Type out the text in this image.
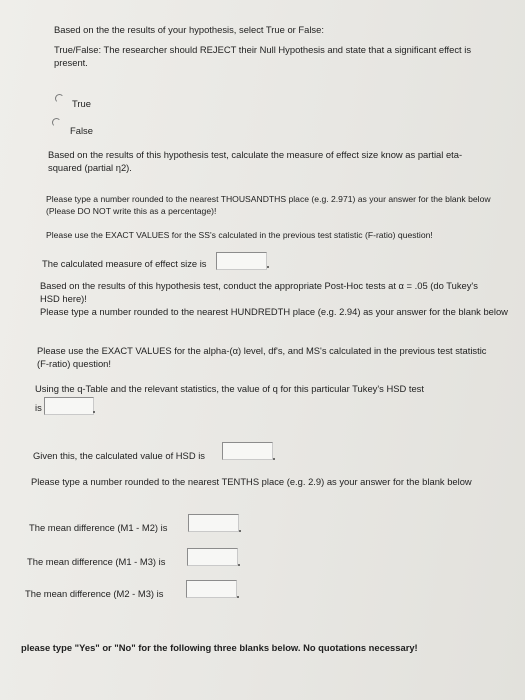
Based on the the results of your hypothesis, select True or False:
True/False: The researcher should REJECT their Null Hypothesis and state that a significant effect is present.
True
False
Based on the results of this hypothesis test, calculate the measure of effect size know as partial eta-squared (partial η2).
Please type a number rounded to the nearest THOUSANDTHS place (e.g. 2.971) as your answer for the blank below (Please DO NOT write this as a percentage)!
Please use the EXACT VALUES for the SS's calculated in the previous test statistic (F-ratio) question!
The calculated measure of effect size is
Based on the results of this hypothesis test, conduct the appropriate Post-Hoc tests at α = .05 (do Tukey's HSD here)!
Please type a number rounded to the nearest HUNDREDTH place (e.g. 2.94) as your answer for the blank below
Please use the EXACT VALUES for the alpha-(α) level, df's, and MS's calculated in the previous test statistic (F-ratio) question!
Using the q-Table and the relevant statistics, the value of q for this particular Tukey's HSD test
is
Given this, the calculated value of HSD is
Please type a number rounded to the nearest TENTHS place (e.g. 2.9) as your answer for the blank below
The mean difference (M1 - M2) is
The mean difference (M1 - M3) is
The mean difference (M2 - M3) is
please type "Yes" or "No" for the following three blanks below. No quotations necessary!
